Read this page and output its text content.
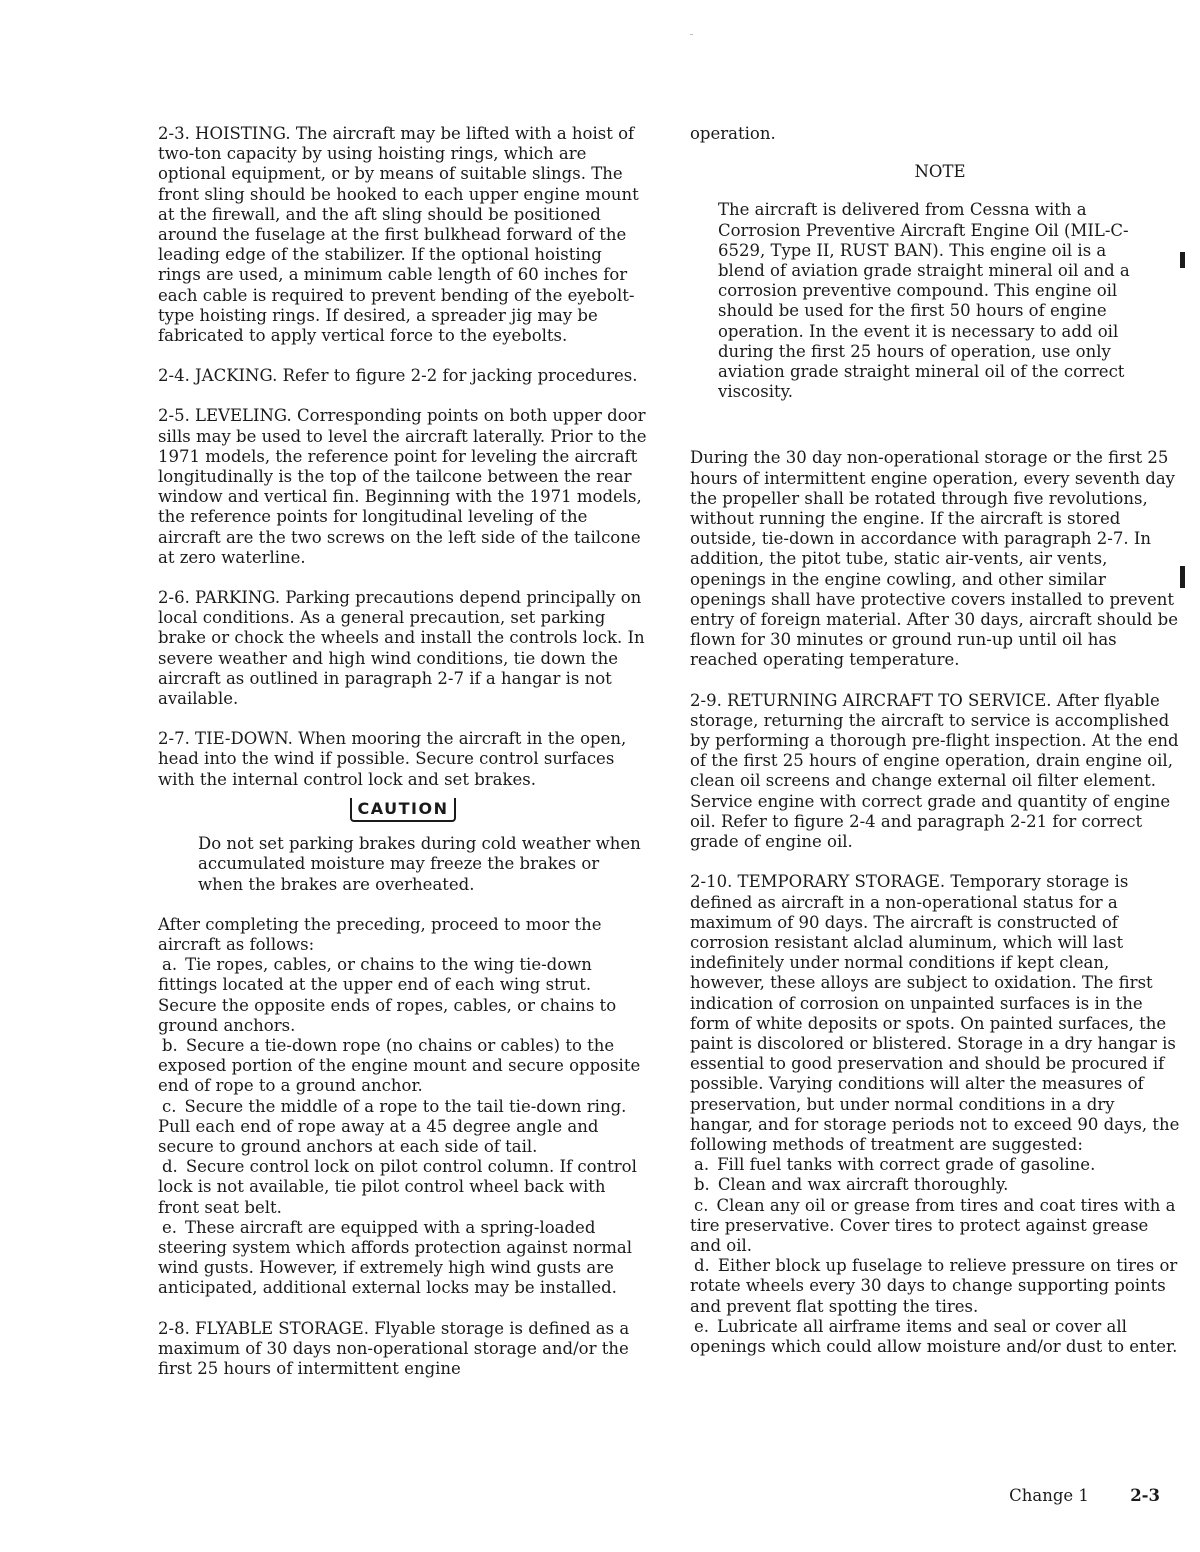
2-3. HOISTING. The aircraft may be lifted with a hoist of two-ton capacity by using hoisting rings, which are optional equipment, or by means of suitable slings. The front sling should be hooked to each upper engine mount at the firewall, and the aft sling should be positioned around the fuselage at the first bulkhead forward of the leading edge of the stabilizer. If the optional hoisting rings are used, a minimum cable length of 60 inches for each cable is required to prevent bending of the eyebolt-type hoisting rings. If desired, a spreader jig may be fabricated to apply vertical force to the eyebolts.

2-4. JACKING. Refer to figure 2-2 for jacking procedures.

2-5. LEVELING. Corresponding points on both upper door sills may be used to level the aircraft laterally. Prior to the 1971 models, the reference point for leveling the aircraft longitudinally is the top of the tailcone between the rear window and vertical fin. Beginning with the 1971 models, the reference points for longitudinal leveling of the aircraft are the two screws on the left side of the tailcone at zero waterline.

2-6. PARKING. Parking precautions depend principally on local conditions. As a general precaution, set parking brake or chock the wheels and install the controls lock. In severe weather and high wind conditions, tie down the aircraft as outlined in paragraph 2-7 if a hangar is not available.

2-7. TIE-DOWN. When mooring the aircraft in the open, head into the wind if possible. Secure control surfaces with the internal control lock and set brakes.

CAUTION

Do not set parking brakes during cold weather when accumulated moisture may freeze the brakes or when the brakes are overheated.

After completing the preceding, proceed to moor the aircraft as follows:

a. Tie ropes, cables, or chains to the wing tie-down fittings located at the upper end of each wing strut. Secure the opposite ends of ropes, cables, or chains to ground anchors.

b. Secure a tie-down rope (no chains or cables) to the exposed portion of the engine mount and secure opposite end of rope to a ground anchor.

c. Secure the middle of a rope to the tail tie-down ring. Pull each end of rope away at a 45 degree angle and secure to ground anchors at each side of tail.

d. Secure control lock on pilot control column. If control lock is not available, tie pilot control wheel back with front seat belt.

e. These aircraft are equipped with a spring-loaded steering system which affords protection against normal wind gusts. However, if extremely high wind gusts are anticipated, additional external locks may be installed.

2-8. FLYABLE STORAGE. Flyable storage is defined as a maximum of 30 days non-operational storage and/or the first 25 hours of intermittent engine

operation.

NOTE

The aircraft is delivered from Cessna with a Corrosion Preventive Aircraft Engine Oil (MIL-C-6529, Type II, RUST BAN). This engine oil is a blend of aviation grade straight mineral oil and a corrosion preventive compound. This engine oil should be used for the first 50 hours of engine operation. In the event it is necessary to add oil during the first 25 hours of operation, use only aviation grade straight mineral oil of the correct viscosity.

During the 30 day non-operational storage or the first 25 hours of intermittent engine operation, every seventh day the propeller shall be rotated through five revolutions, without running the engine. If the aircraft is stored outside, tie-down in accordance with paragraph 2-7. In addition, the pitot tube, static air-vents, air vents, openings in the engine cowling, and other similar openings shall have protective covers installed to prevent entry of foreign material. After 30 days, aircraft should be flown for 30 minutes or ground run-up until oil has reached operating temperature.

2-9. RETURNING AIRCRAFT TO SERVICE. After flyable storage, returning the aircraft to service is accomplished by performing a thorough pre-flight inspection. At the end of the first 25 hours of engine operation, drain engine oil, clean oil screens and change external oil filter element. Service engine with correct grade and quantity of engine oil. Refer to figure 2-4 and paragraph 2-21 for correct grade of engine oil.

2-10. TEMPORARY STORAGE. Temporary storage is defined as aircraft in a non-operational status for a maximum of 90 days. The aircraft is constructed of corrosion resistant alclad aluminum, which will last indefinitely under normal conditions if kept clean, however, these alloys are subject to oxidation. The first indication of corrosion on unpainted surfaces is in the form of white deposits or spots. On painted surfaces, the paint is discolored or blistered. Storage in a dry hangar is essential to good preservation and should be procured if possible. Varying conditions will alter the measures of preservation, but under normal conditions in a dry hangar, and for storage periods not to exceed 90 days, the following methods of treatment are suggested:

a. Fill fuel tanks with correct grade of gasoline.

b. Clean and wax aircraft thoroughly.

c. Clean any oil or grease from tires and coat tires with a tire preservative. Cover tires to protect against grease and oil.

d. Either block up fuselage to relieve pressure on tires or rotate wheels every 30 days to change supporting points and prevent flat spotting the tires.

e. Lubricate all airframe items and seal or cover all openings which could allow moisture and/or dust to enter.

Change 1	2-3
